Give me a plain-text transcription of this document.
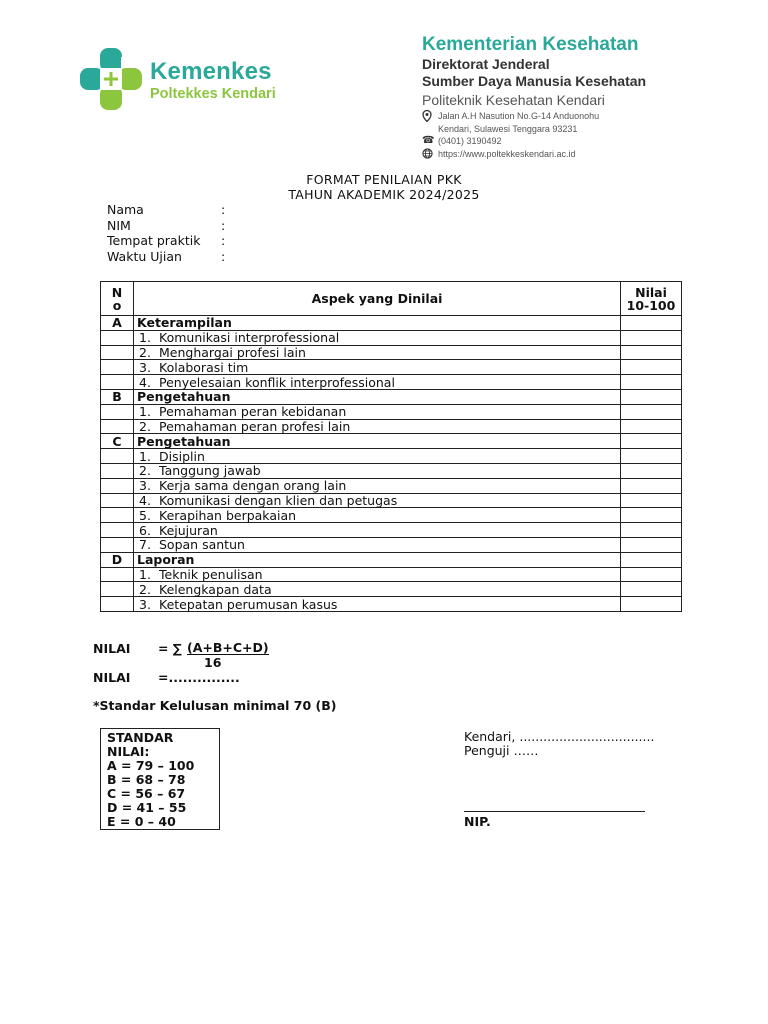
Kemenkes
Poltekkes Kendari
Kementerian Kesehatan
Direktorat Jenderal
Sumber Daya Manusia Kesehatan
Politeknik Kesehatan Kendari
Jalan A.H Nasution No.G-14 Anduonohu
Kendari, Sulawesi Tenggara 93231
☎ (0401) 3190492
https://www.poltekkeskendari.ac.id
FORMAT PENILAIAN PKK
TAHUN AKADEMIK 2024/2025
Nama	:
NIM	:
Tempat praktik :
Waktu Ujian	:
No	Aspek yang Dinilai	Nilai 10-100
A	Keterampilan	
	1. Komunikasi interprofessional	
	2. Menghargai profesi lain	
	3. Kolaborasi tim	
	4. Penyelesaian konflik interprofessional	
B	Pengetahuan	
	1. Pemahaman peran kebidanan	
	2. Pemahaman peran profesi lain	
C	Pengetahuan	
	1. Disiplin	
	2. Tanggung jawab	
	3. Kerja sama dengan orang lain	
	4. Komunikasi dengan klien dan petugas	
	5. Kerapihan berpakaian	
	6. Kejujuran	
	7. Sopan santun	
D	Laporan	
	1. Teknik penulisan	
	2. Kelengkapan data	
	3. Ketepatan perumusan kasus	
NILAI = ∑ (A+B+C+D)
16
NILAI =...............
*Standar Kelulusan minimal 70 (B)
STANDAR
NILAI:
A = 79 – 100
B = 68 – 78
C = 56 – 67
D = 41 – 55
E = 0 – 40
Kendari, ..................................
Penguji ……
NIP.
